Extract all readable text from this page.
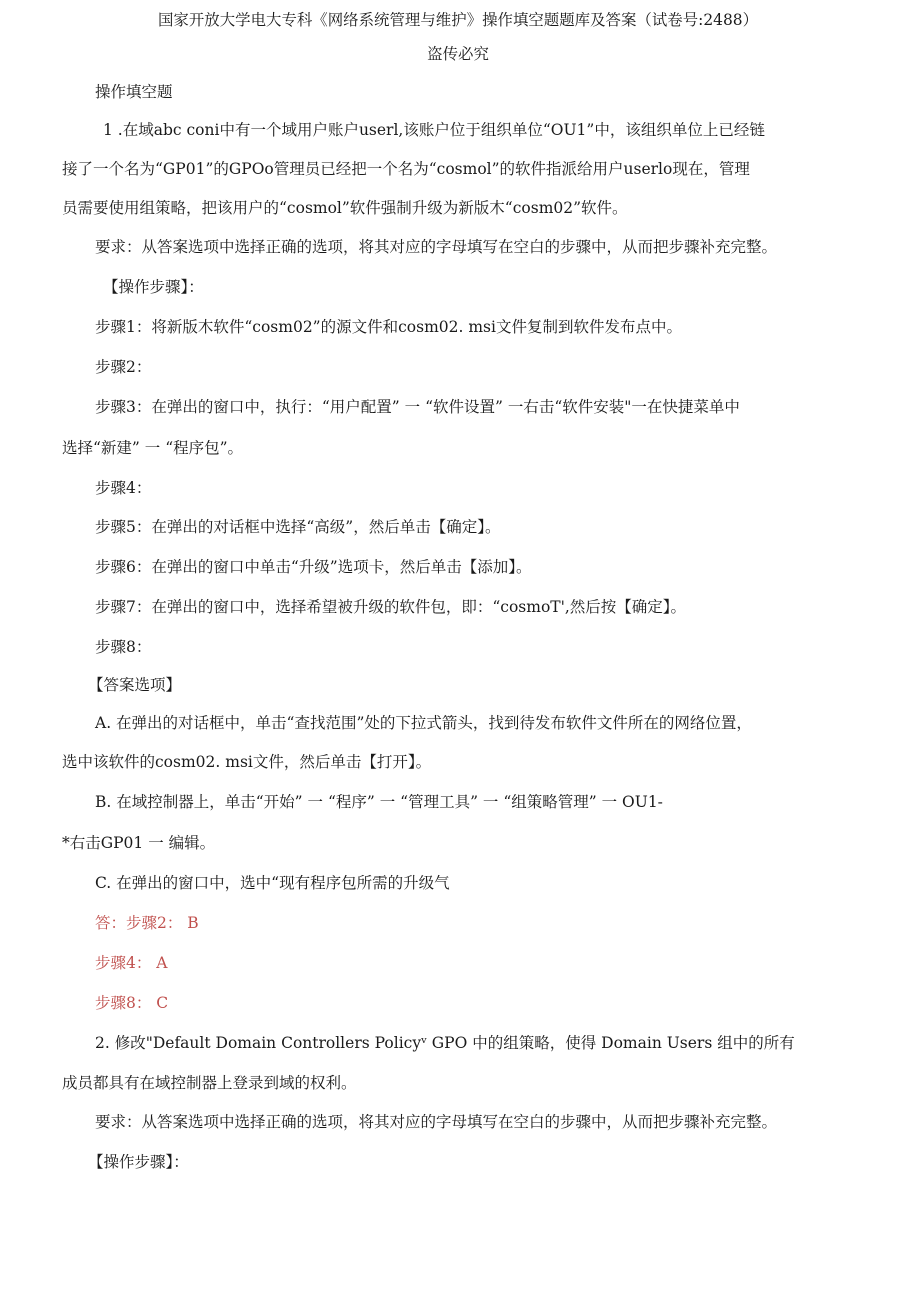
国家开放大学电大专科《网络系统管理与维护》操作填空题题库及答案（试卷号:2488）
盗传必究
操作填空题
1 .在域abc coni中有一个域用户账户userl,该账户位于组织单位“OU1”中，该组织单位上已经链
接了一个名为“GP01”的GPOo管理员已经把一个名为“cosmol”的软件指派给用户userlo现在，管理
员需要使用组策略，把该用户的“cosmol”软件强制升级为新版木“cosm02”软件。
要求：从答案选项中选择正确的选项，将其对应的字母填写在空白的步骤中，从而把步骤补充完整。
【操作步骤】：
步骤1：将新版木软件“cosm02”的源文件和cosm02. msi文件复制到软件发布点中。
步骤2：
步骤3：在弹出的窗口中，执行：“用户配置” 一 “软件设置” 一右击“软件安装"一在快捷菜单中
选择“新建” 一 “程序包”。
步骤4：
步骤5：在弹出的对话框中选择“高级”，然后单击【确定】。
步骤6：在弹出的窗口中单击“升级”选项卡，然后单击【添加】。
步骤7：在弹出的窗口中，选择希望被升级的软件包，即：“cosmoT',然后按【确定】。
步骤8：
【答案选项】
A. 在弹出的对话框中，单击“查找范围”处的下拉式箭头，找到待发布软件文件所在的网络位置，
选中该软件的cosm02. msi文件，然后单击【打开】。
B. 在域控制器上，单击“开始” 一 “程序” 一 “管理工具” 一 “组策略管理” 一 OU1-
*右击GP01 一 编辑。
C. 在弹出的窗口中，选中“现有程序包所需的升级气
答：步骤2： B
步骤4： A
步骤8： C
2. 修改"Default Domain Controllers Policyᵛ GPO 中的组策略，使得 Domain Users 组中的所有
成员都具有在域控制器上登录到域的权利。
要求：从答案选项中选择正确的选项，将其对应的字母填写在空白的步骤中，从而把步骤补充完整。
【操作步骤】：
